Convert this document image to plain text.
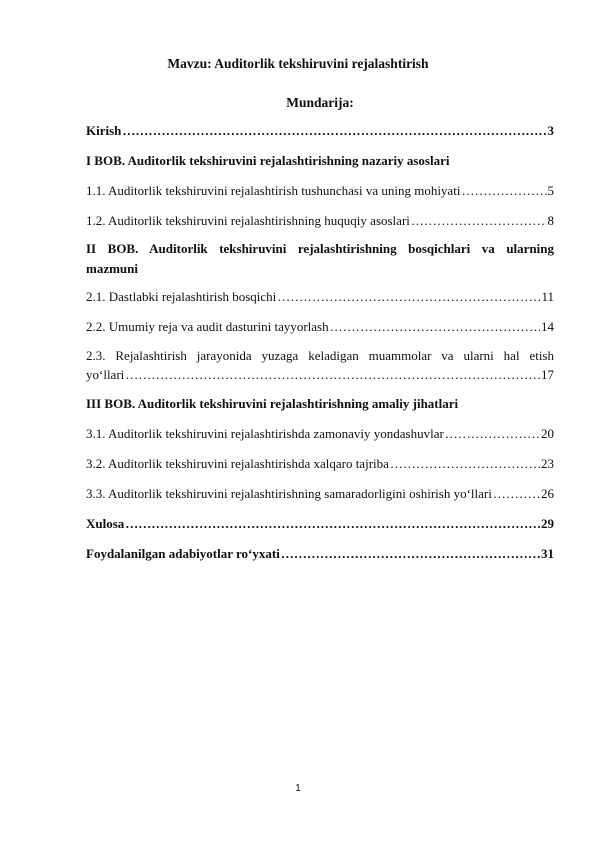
Mavzu: Auditorlik tekshiruvini rejalashtirish
Mundarija:
Kirish …………………………………………………………………………………………………………………………………………………………………………………………	3
I BOB. Auditorlik tekshiruvini rejalashtirishning nazariy asoslari
1.1. Auditorlik tekshiruvini rejalashtirish tushunchasi va uning mohiyati …………………………………………………………………………………………………………………………………………………………………………………………	5
1.2. Auditorlik tekshiruvini rejalashtirishning huquqiy asoslari …………………………………………………………………………………………………………………………………………………………………………………………	8
II BOB. Auditorlik tekshiruvini rejalashtirishning bosqichlari va ularning
mazmuni
2.1. Dastlabki rejalashtirish bosqichi …………………………………………………………………………………………………………………………………………………………………………………………	11
2.2. Umumiy reja va audit dasturini tayyorlash …………………………………………………………………………………………………………………………………………………………………………………………	14
2.3. Rejalashtirish jarayonida yuzaga keladigan muammolar va ularni hal etish
yo‘llari …………………………………………………………………………………………………………………………………………………………………………………………	17
III BOB. Auditorlik tekshiruvini rejalashtirishning amaliy jihatlari
3.1. Auditorlik tekshiruvini rejalashtirishda zamonaviy yondashuvlar …………………………………………………………………………………………………………………………………………………………………………………………	20
3.2. Auditorlik tekshiruvini rejalashtirishda xalqaro tajriba …………………………………………………………………………………………………………………………………………………………………………………………	23
3.3. Auditorlik tekshiruvini rejalashtirishning samaradorligini oshirish yo‘llari …………………………………………………………………………………………………………………………………………………………………………………………	26
Xulosa …………………………………………………………………………………………………………………………………………………………………………………………	29
Foydalanilgan adabiyotlar ro‘yxati …………………………………………………………………………………………………………………………………………………………………………………………	31
1
